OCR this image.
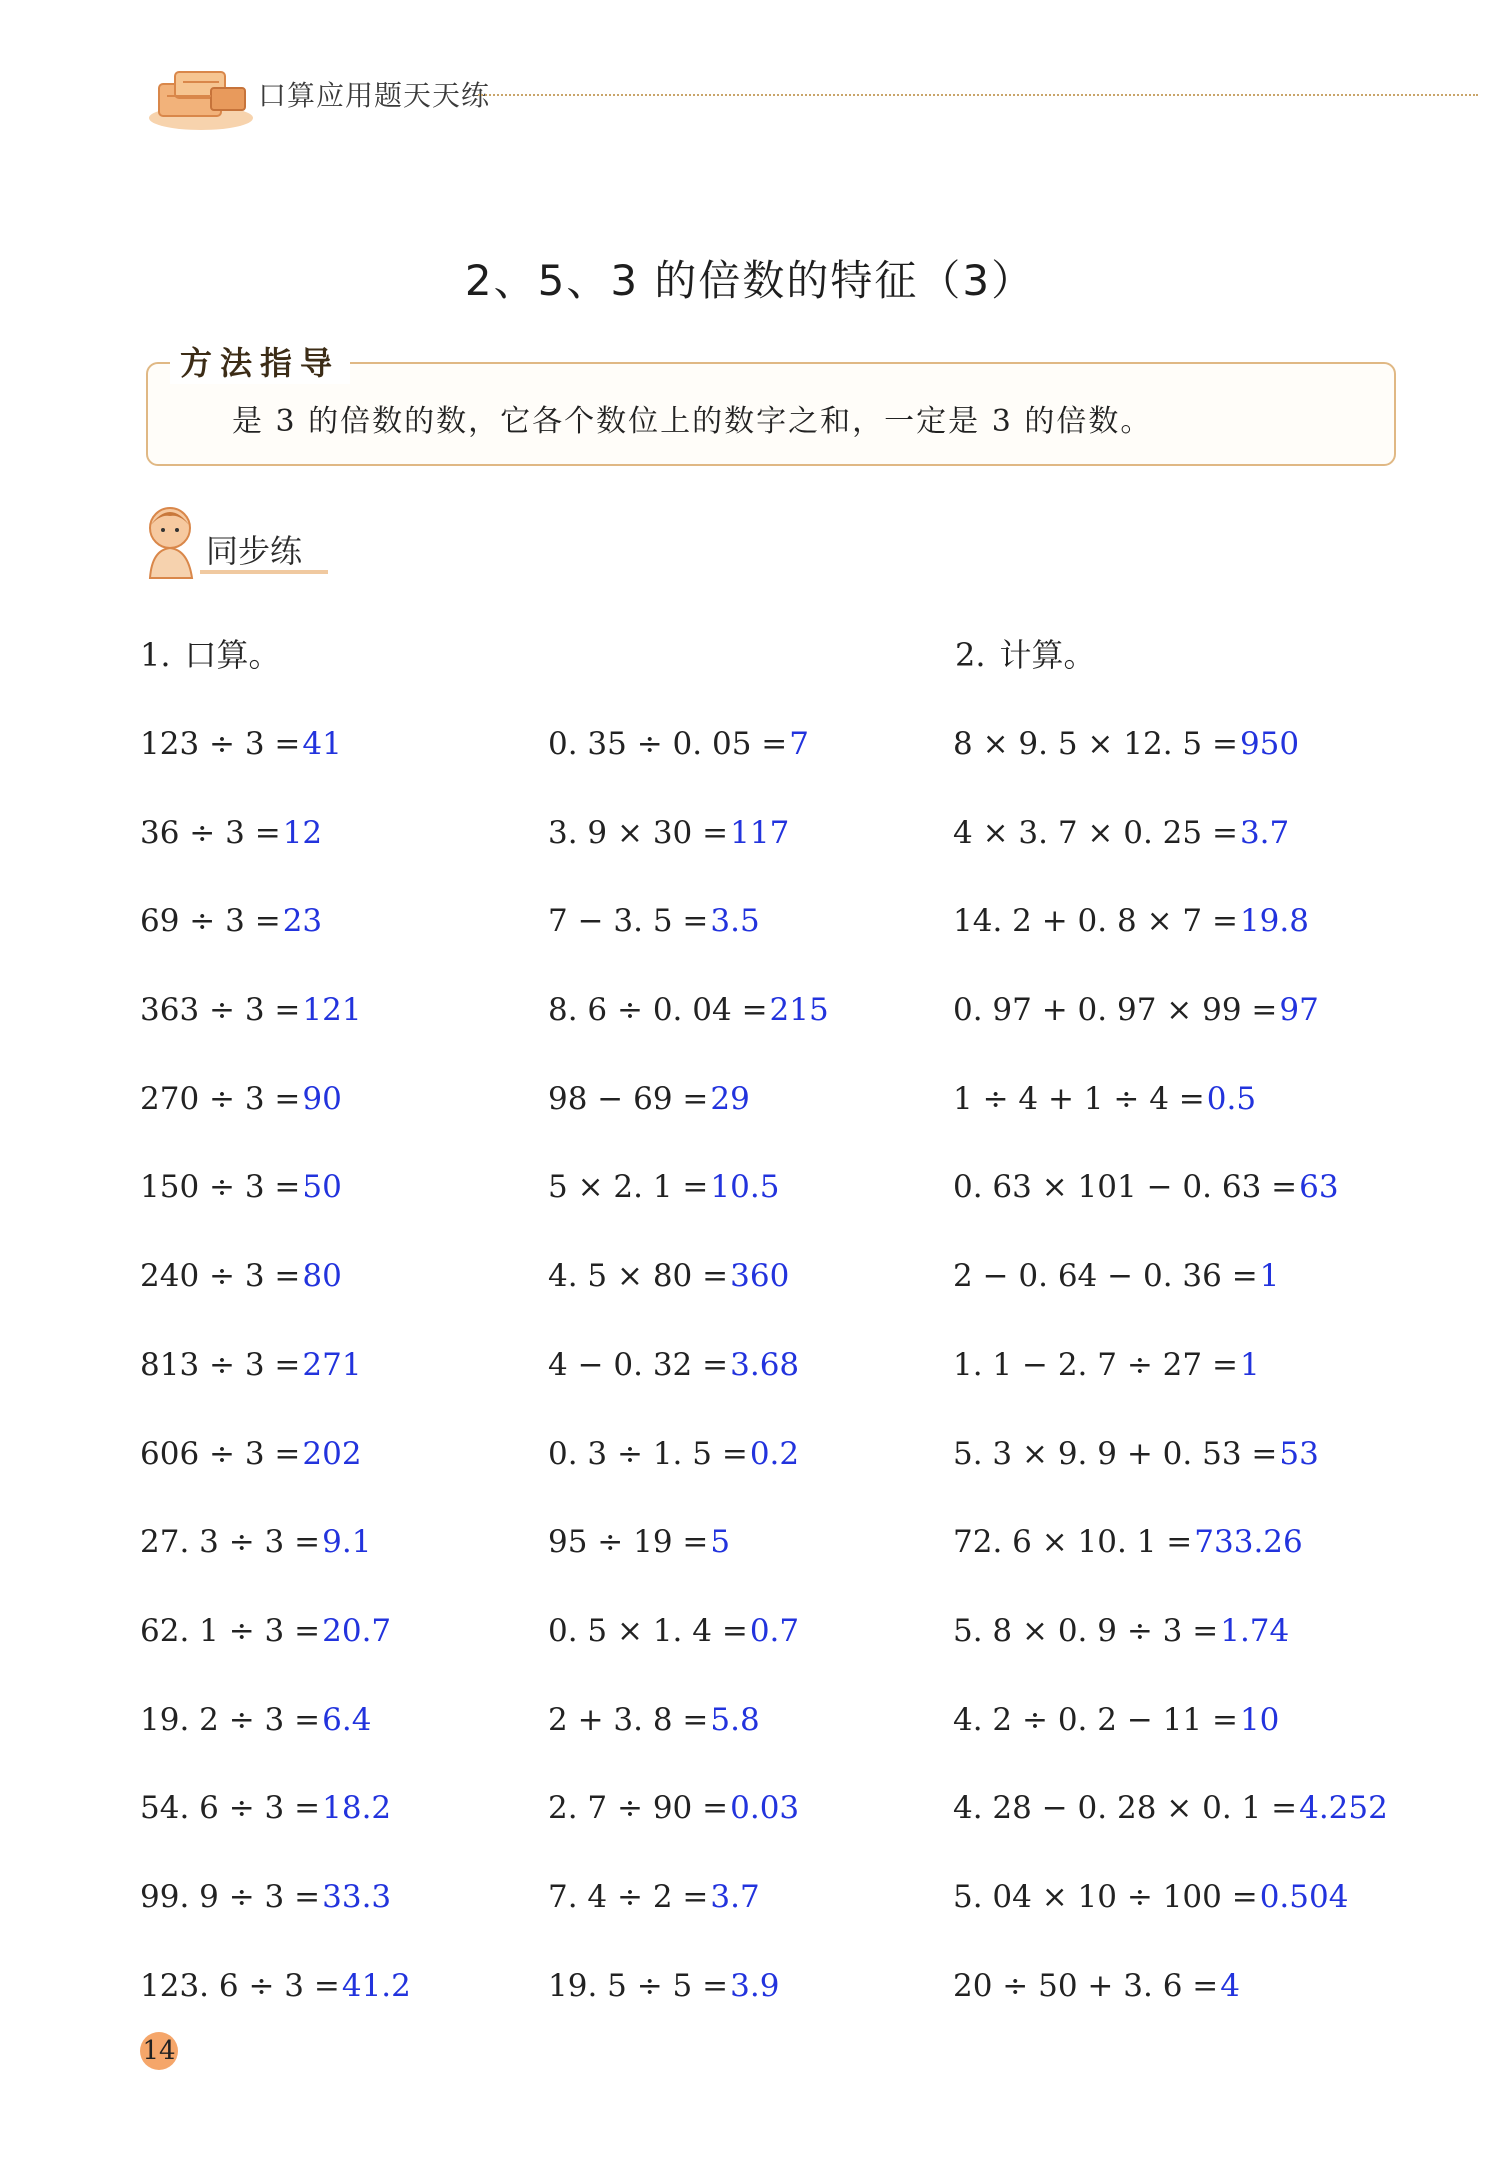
口算应用题天天练
2、5、3 的倍数的特征（3）
方法指导
是 3 的倍数的数，它各个数位上的数字之和，一定是 3 的倍数。
同步练
1. 口算。	2. 计算。
123 ÷ 3 =41
36 ÷ 3 =12
69 ÷ 3 =23
363 ÷ 3 =121
270 ÷ 3 =90
150 ÷ 3 =50
240 ÷ 3 =80
813 ÷ 3 =271
606 ÷ 3 =202
27. 3 ÷ 3 =9.1
62. 1 ÷ 3 =20.7
19. 2 ÷ 3 =6.4
54. 6 ÷ 3 =18.2
99. 9 ÷ 3 =33.3
123. 6 ÷ 3 =41.2
0. 35 ÷ 0. 05 =7
3. 9 × 30 =117
7 − 3. 5 =3.5
8. 6 ÷ 0. 04 =215
98 − 69 =29
5 × 2. 1 =10.5
4. 5 × 80 =360
4 − 0. 32 =3.68
0. 3 ÷ 1. 5 =0.2
95 ÷ 19 =5
0. 5 × 1. 4 =0.7
2 + 3. 8 =5.8
2. 7 ÷ 90 =0.03
7. 4 ÷ 2 =3.7
19. 5 ÷ 5 =3.9
8 × 9. 5 × 12. 5 =950
4 × 3. 7 × 0. 25 =3.7
14. 2 + 0. 8 × 7 =19.8
0. 97 + 0. 97 × 99 =97
1 ÷ 4 + 1 ÷ 4 =0.5
0. 63 × 101 − 0. 63 =63
2 − 0. 64 − 0. 36 =1
1. 1 − 2. 7 ÷ 27 =1
5. 3 × 9. 9 + 0. 53 =53
72. 6 × 10. 1 =733.26
5. 8 × 0. 9 ÷ 3 =1.74
4. 2 ÷ 0. 2 − 11 =10
4. 28 − 0. 28 × 0. 1 =4.252
5. 04 × 10 ÷ 100 =0.504
20 ÷ 50 + 3. 6 =4
14
